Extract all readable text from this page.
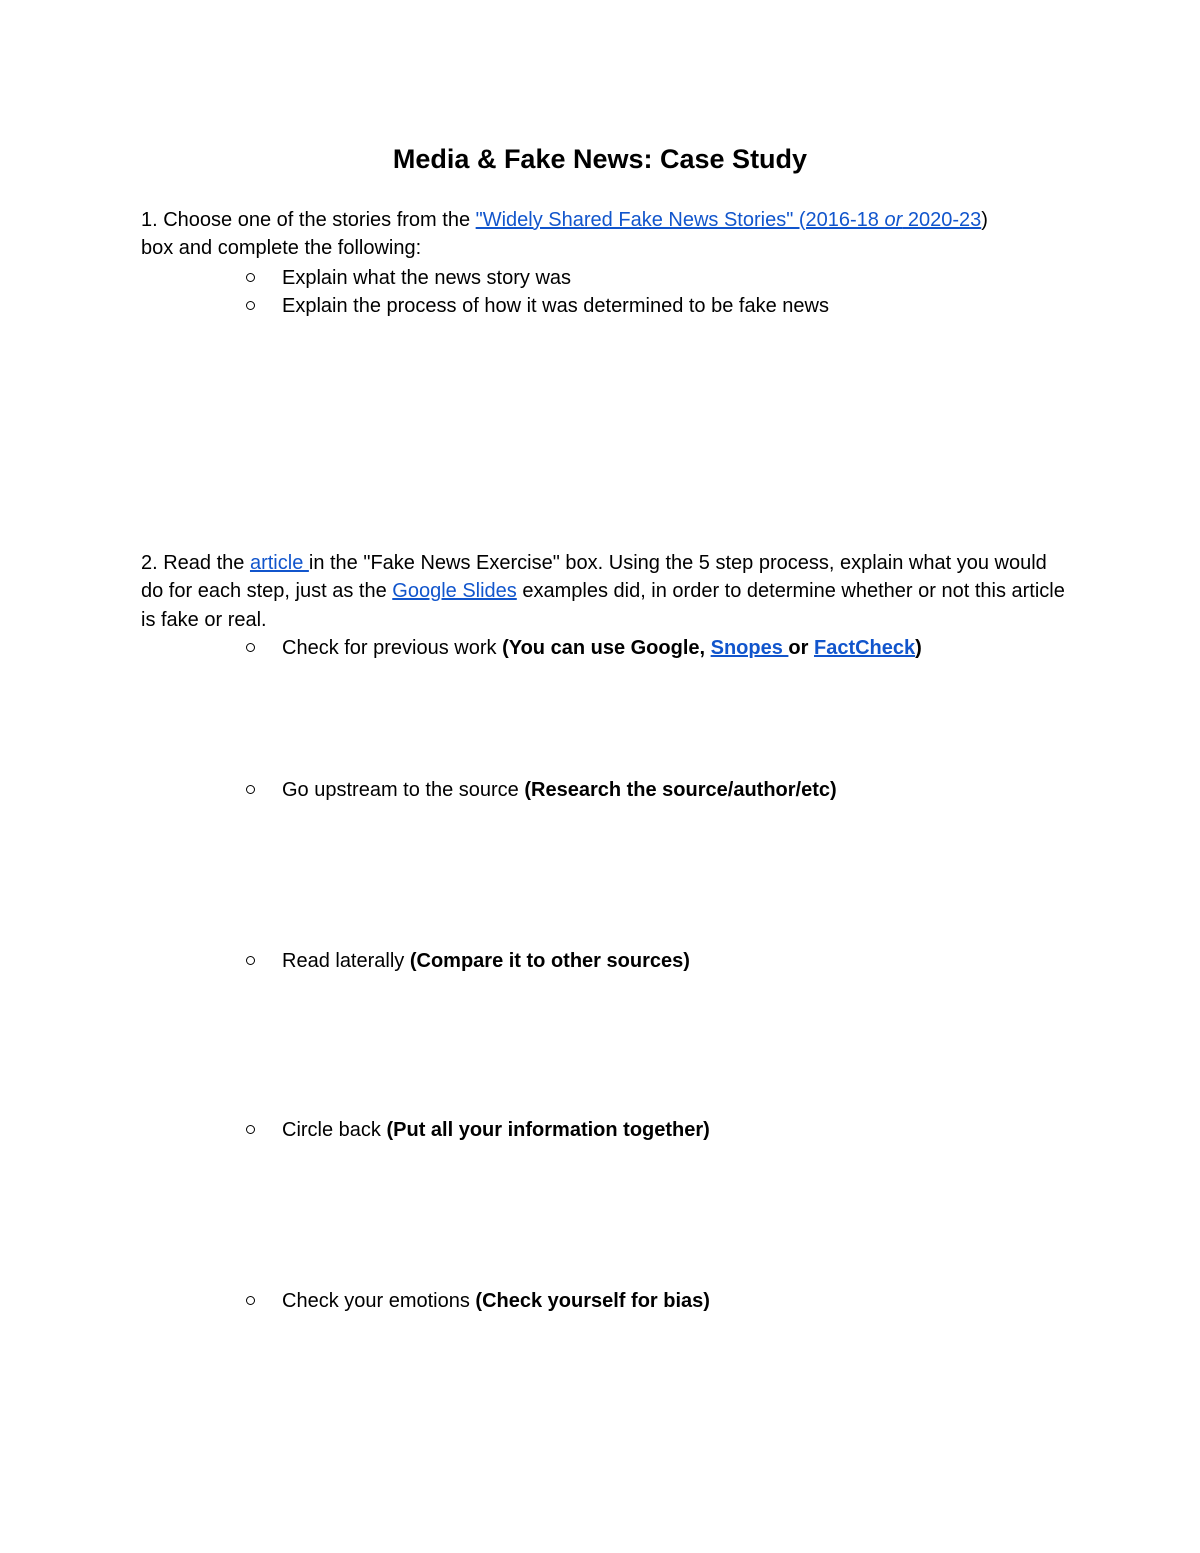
Media & Fake News: Case Study
1. Choose one of the stories from the "Widely Shared Fake News Stories" (2016-18 or 2020-23)
box and complete the following:
Explain what the news story was
Explain the process of how it was determined to be fake news
2. Read the article in the "Fake News Exercise" box. Using the 5 step process, explain what you would do for each step, just as the Google Slides examples did, in order to determine whether or not this article is fake or real.
Check for previous work (You can use Google, Snopes or FactCheck)
Go upstream to the source (Research the source/author/etc)
Read laterally (Compare it to other sources)
Circle back (Put all your information together)
Check your emotions (Check yourself for bias)
